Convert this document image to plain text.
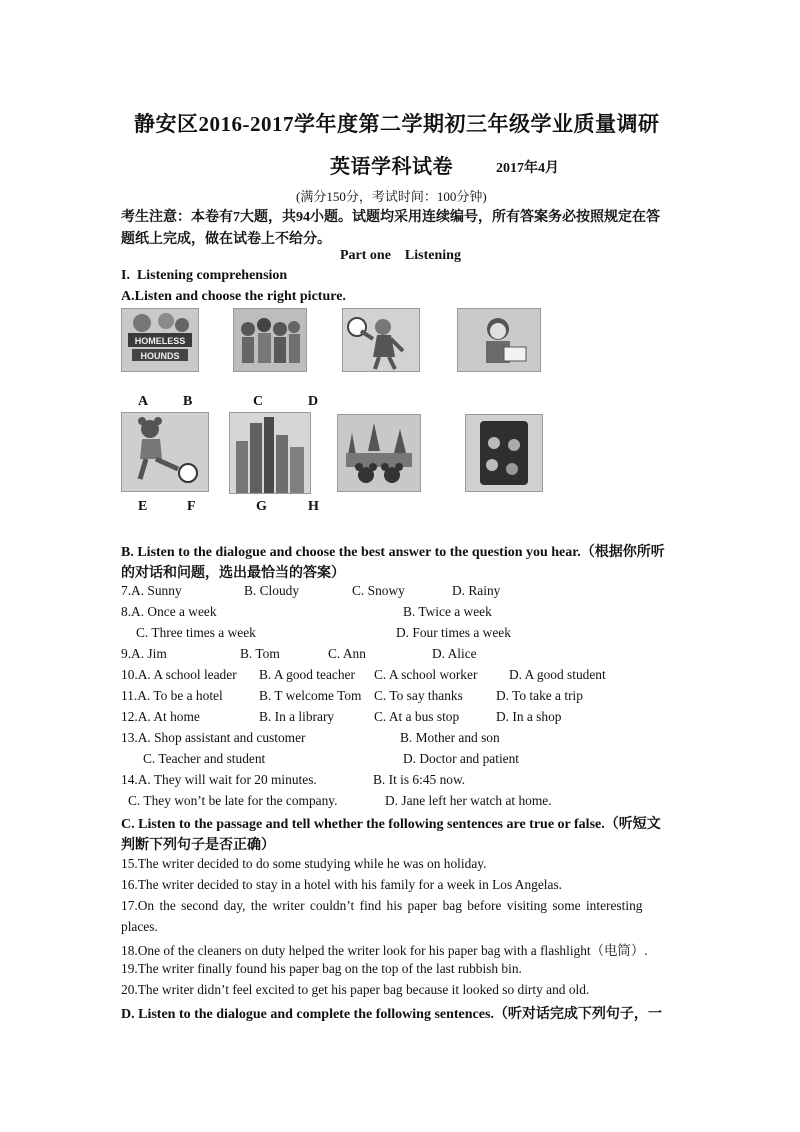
静安区2016-2017学年度第二学期初三年级学业质量调研
英语学科试卷	2017年4月
(满分150分，考试时间：100分钟)
考生注意：本卷有7大题，共94小题。试题均采用连续编号，所有答案务必按照规定在答
题纸上完成，做在试卷上不给分。
Part one    Listening
I.  Listening comprehension
A.Listen and choose the right picture.
HOMELESS
HOUNDS
A B	C	D
E	F	G	H
B. Listen to the dialogue and choose the best answer to the question you hear.（根据你所听
的对话和问题，选出最恰当的答案）
7.A. Sunny	B. Cloudy	C. Snowy	D. Rainy
8.A. Once a week	B. Twice a week
C. Three times a week	D. Four times a week
9.A. Jim	B. Tom	C. Ann	D. Alice
10.A. A school leader B. A good teacher C. A school worker D. A good student
11.A. To be a hotel	B. T welcome Tom C. To say thanks D. To take a trip
12.A. At home	B. In a library	C. At a bus stop	D. In a shop
13.A. Shop assistant and customer	B. Mother and son
C. Teacher and student	D. Doctor and patient
14.A. They will wait for 20 minutes.	B. It is 6:45 now.
C. They won’t be late for the company.	D. Jane left her watch at home.
C. Listen to the passage and tell whether the following sentences are true or false.（听短文
判断下列句子是否正确）
15.The writer decided to do some studying while he was on holiday.
16.The writer decided to stay in a hotel with his family for a week in Los Angelas.
17.On the second day, the writer couldn’t find his paper bag before visiting some interesting
places.
18.One of the cleaners on duty helped the writer look for his paper bag with a flashlight（电筒）.
19.The writer finally found his paper bag on the top of the last rubbish bin.
20.The writer didn’t feel excited to get his paper bag because it looked so dirty and old.
D. Listen to the dialogue and complete the following sentences.（听对话完成下列句子，一
